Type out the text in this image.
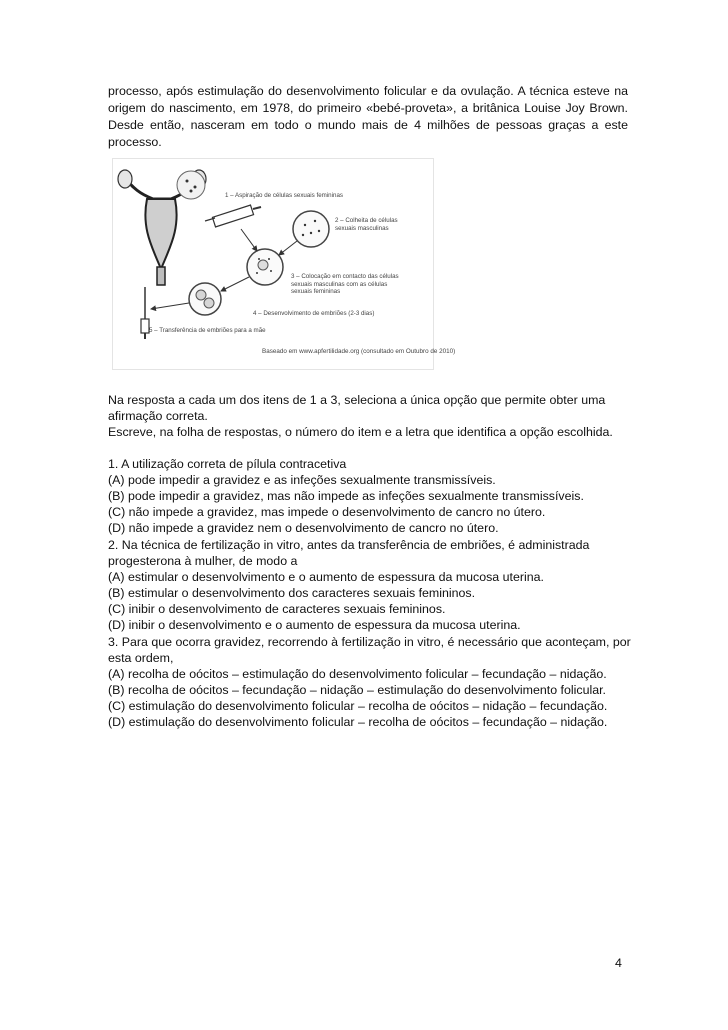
processo, após estimulação do desenvolvimento folicular e da ovulação. A técnica esteve na origem do nascimento, em 1978, do primeiro «bebé-proveta», a britânica Louise Joy Brown. Desde então, nasceram em todo o mundo mais de 4 milhões de pessoas graças a este processo.

1 – Aspiração de células sexuais femininas
2 – Colheita de células
sexuais masculinas
3 – Colocação em contacto das células
sexuais masculinas com as células
sexuais femininas
4 – Desenvolvimento de embriões (2-3 dias)
5 – Transferência de embriões para a mãe
Baseado em www.apfertilidade.org (consultado em Outubro de 2010)

Na resposta a cada um dos itens de 1 a 3, seleciona a única opção que permite obter uma

afirmação correta.

Escreve, na folha de respostas, o número do item e a letra que identifica a opção escolhida.

1. A utilização correta de pílula contracetiva

(A) pode impedir a gravidez e as infeções sexualmente transmissíveis.

(B) pode impedir a gravidez, mas não impede as infeções sexualmente transmissíveis.

(C) não impede a gravidez, mas impede o desenvolvimento de cancro no útero.

(D) não impede a gravidez nem o desenvolvimento de cancro no útero.

2. Na técnica de fertilização in vitro, antes da transferência de embriões, é administrada

progesterona à mulher, de modo a

(A) estimular o desenvolvimento e o aumento de espessura da mucosa uterina.

(B) estimular o desenvolvimento dos caracteres sexuais femininos.

(C) inibir o desenvolvimento de caracteres sexuais femininos.

(D) inibir o desenvolvimento e o aumento de espessura da mucosa uterina.

3. Para que ocorra gravidez, recorrendo à fertilização in vitro, é necessário que aconteçam, por

esta ordem,

(A) recolha de oócitos – estimulação do desenvolvimento folicular – fecundação – nidação.

(B) recolha de oócitos – fecundação – nidação – estimulação do desenvolvimento folicular.

(C) estimulação do desenvolvimento folicular – recolha de oócitos – nidação – fecundação.

(D) estimulação do desenvolvimento folicular – recolha de oócitos – fecundação – nidação.

4
